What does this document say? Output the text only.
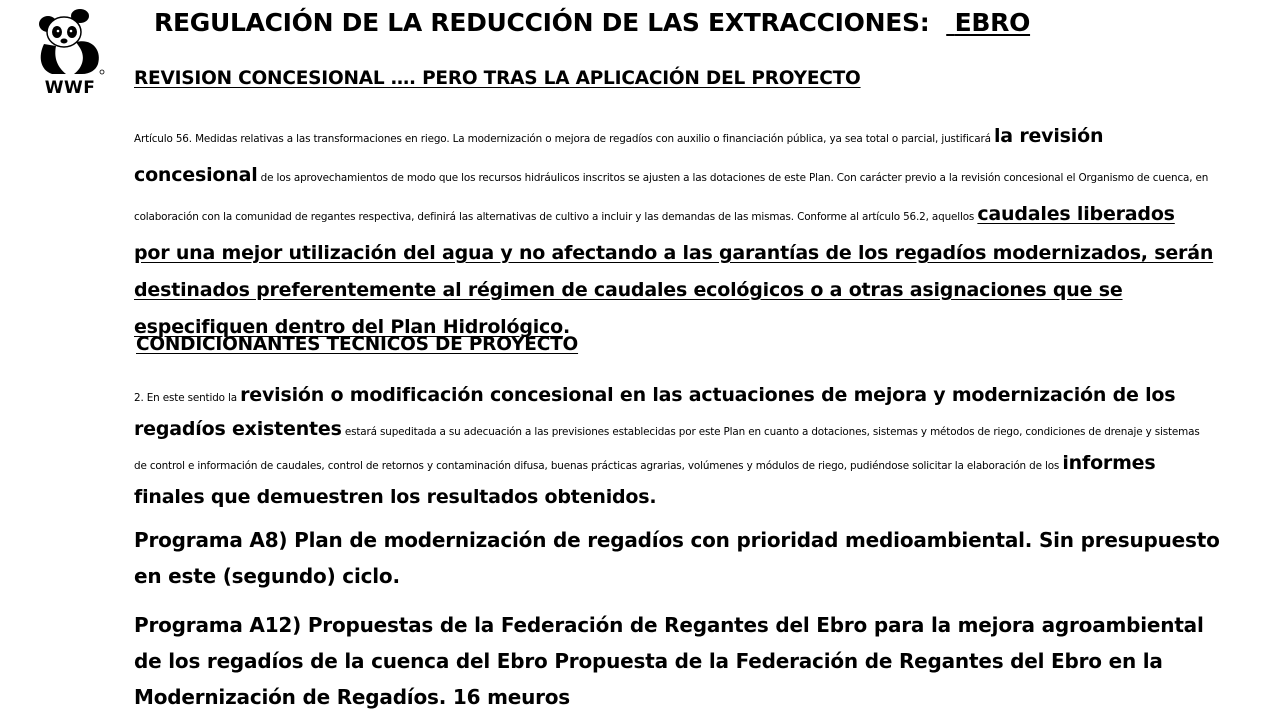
WWF
REGULACIÓN DE LA REDUCCIÓN DE LAS EXTRACCIONES: EBRO
REVISION CONCESIONAL …. PERO TRAS LA APLICACIÓN DEL PROYECTO

Artículo 56. Medidas relativas a las transformaciones en riego. La modernización o mejora de regadíos con auxilio o financiación pública, ya sea total o parcial, justificará la revisión concesional de los aprovechamientos de modo que los recursos hidráulicos inscritos se ajusten a las dotaciones de este Plan. Con carácter previo a la revisión concesional el Organismo de cuenca, en colaboración con la comunidad de regantes respectiva, definirá las alternativas de cultivo a incluir y las demandas de las mismas. Conforme al artículo 56.2, aquellos caudales liberados por una mejor utilización del agua y no afectando a las garantías de los regadíos modernizados, serán destinados preferentemente al régimen de caudales ecológicos o a otras asignaciones que se especifiquen dentro del Plan Hidrológico.

CONDICIONANTES TECNICOS DE PROYECTO

2. En este sentido la revisión o modificación concesional en las actuaciones de mejora y modernización de los regadíos existentes estará supeditada a su adecuación a las previsiones establecidas por este Plan en cuanto a dotaciones, sistemas y métodos de riego, condiciones de drenaje y sistemas de control e información de caudales, control de retornos y contaminación difusa, buenas prácticas agrarias, volúmenes y módulos de riego, pudiéndose solicitar la elaboración de los informes finales que demuestren los resultados obtenidos.

Programa A8) Plan de modernización de regadíos con prioridad medioambiental. Sin presupuesto en este (segundo) ciclo.

Programa A12) Propuestas de la Federación de Regantes del Ebro para la mejora agroambiental de los regadíos de la cuenca del Ebro Propuesta de la Federación de Regantes del Ebro en la Modernización de Regadíos. 16 meuros
